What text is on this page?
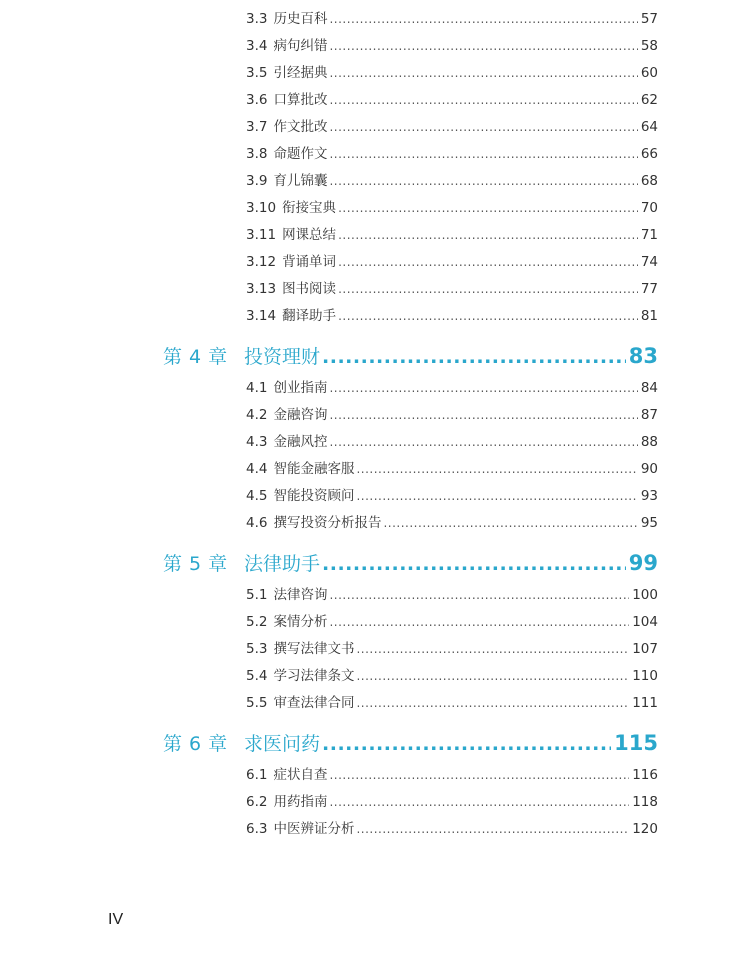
3.3 历史百科 .....	57
3.4 病句纠错 .....	58
3.5 引经据典 .....	60
3.6 口算批改 .....	62
3.7 作文批改 .....	64
3.8 命题作文 .....	66
3.9 育儿锦囊 .....	68
3.10 衔接宝典 .....	70
3.11 网课总结 .....	71
3.12 背诵单词 .....	74
3.13 图书阅读 .....	77
3.14 翻译助手 .....	81
第 4 章 投资理财 .....	83
4.1 创业指南 .....	84
4.2 金融咨询 .....	87
4.3 金融风控 .....	88
4.4 智能金融客服 .....	90
4.5 智能投资顾问 .....	93
4.6 撰写投资分析报告 .....	95
第 5 章 法律助手 .....	99
5.1 法律咨询 .....	100
5.2 案情分析 .....	104
5.3 撰写法律文书 .....	107
5.4 学习法律条文 .....	110
5.5 审查法律合同 .....	111
第 6 章 求医问药 .....	115
6.1 症状自查 .....	116
6.2 用药指南 .....	118
6.3 中医辨证分析 .....	120
IV
